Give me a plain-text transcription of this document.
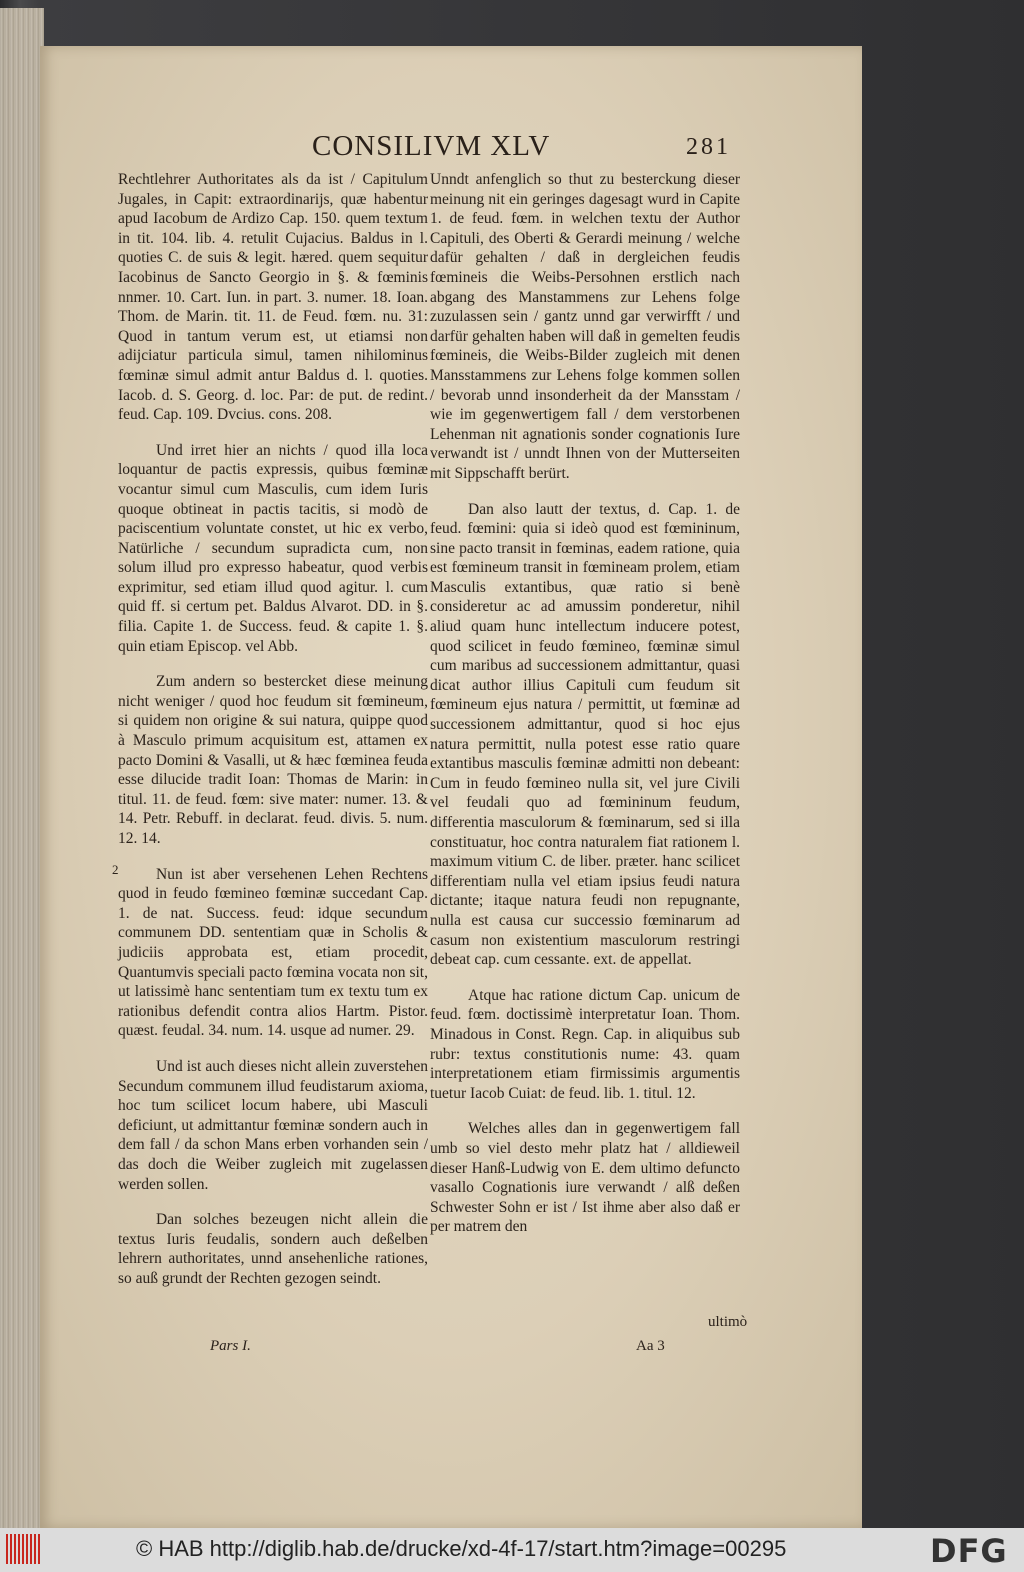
CONSILIVM XLV	281

Rechtlehrer Authoritates als da ist / Capitulum Jugales, in Capit: extraordinarijs, quæ habentur apud Iacobum de Ardizo Cap. 150. quem textum in tit. 104. lib. 4. retulit Cujacius. Baldus in l. quoties C. de suis & legit. hæred. quem sequitur Iacobinus de Sancto Georgio in §. & fœminis nnmer. 10. Cart. Iun. in part. 3. numer. 18. Ioan. Thom. de Marin. tit. 11. de Feud. fœm. nu. 31: Quod in tantum verum est, ut etiamsi non adijciatur particula simul, tamen nihilominus fœminæ simul admit antur Baldus d. l. quoties. Iacob. d. S. Georg. d. loc. Par: de put. de redint. feud. Cap. 109. Dvcius. cons. 208.

Und irret hier an nichts / quod illa loca loquantur de pactis expressis, quibus fœminæ vocantur simul cum Masculis, cum idem Iuris quoque obtineat in pactis tacitis, si modò de paciscentium voluntate constet, ut hic ex verbo, Natürliche / secundum supradicta cum, non solum illud pro expresso habeatur, quod verbis exprimitur, sed etiam illud quod agitur. l. cum quid ff. si certum pet. Baldus Alvarot. DD. in §. filia. Capite 1. de Success. feud. & capite 1. §. quin etiam Episcop. vel Abb.

Zum andern so bestercket diese meinung nicht weniger / quod hoc feudum sit fœmineum, si quidem non origine & sui natura, quippe quod à Masculo primum acquisitum est, attamen ex pacto Domini & Vasalli, ut & hæc fœminea feuda esse dilucide tradit Ioan: Thomas de Marin: in titul. 11. de feud. fœm: sive mater: numer. 13. & 14. Petr. Rebuff. in declarat. feud. divis. 5. num. 12. 14.

Nun ist aber versehenen Lehen Rechtens quod in feudo fœmineo fœminæ succedant Cap. 1. de nat. Success. feud: idque secundum communem DD. sententiam quæ in Scholis & judiciis approbata est, etiam procedit, Quantumvis speciali pacto fœmina vocata non sit, ut latissimè hanc sententiam tum ex textu tum ex rationibus defendit contra alios Hartm. Pistor. quæst. feudal. 34. num. 14. usque ad numer. 29.

Und ist auch dieses nicht allein zuverstehen Secundum communem illud feudistarum axioma, hoc tum scilicet locum habere, ubi Masculi deficiunt, ut admittantur fœminæ sondern auch in dem fall / da schon Mans erben vorhanden sein / das doch die Weiber zugleich mit zugelassen werden sollen.

Dan solches bezeugen nicht allein die textus Iuris feudalis, sondern auch deßelben lehrern authoritates, unnd ansehenliche rationes, so auß grundt der Rechten gezogen seindt.

Unndt anfenglich so thut zu besterckung dieser meinung nit ein geringes dagesagt wurd in Capite 1. de feud. fœm. in welchen textu der Author Capituli, des Oberti & Gerardi meinung / welche dafür gehalten / daß in dergleichen feudis fœmineis die Weibs-Persohnen erstlich nach abgang des Manstammens zur Lehens folge zuzulassen sein / gantz unnd gar verwirfft / und darfür gehalten haben will daß in gemelten feudis fœmineis, die Weibs-Bilder zugleich mit denen Mansstammens zur Lehens folge kommen sollen / bevorab unnd insonderheit da der Mansstam / wie im gegenwertigem fall / dem verstorbenen Lehenman nit agnationis sonder cognationis Iure verwandt ist / unndt Ihnen von der Mutterseiten mit Sippschafft berürt.

Dan also lautt der textus, d. Cap. 1. de feud. fœmini: quia si ideò quod est fœmininum, sine pacto transit in fœminas, eadem ratione, quia est fœmineum transit in fœmineam prolem, etiam Masculis extantibus, quæ ratio si benè consideretur ac ad amussim ponderetur, nihil aliud quam hunc intellectum inducere potest, quod scilicet in feudo fœmineo, fœminæ simul cum maribus ad successionem admittantur, quasi dicat author illius Capituli cum feudum sit fœmineum ejus natura / permittit, ut fœminæ ad successionem admittantur, quod si hoc ejus natura permittit, nulla potest esse ratio quare extantibus masculis fœminæ admitti non debeant: Cum in feudo fœmineo nulla sit, vel jure Civili vel feudali quo ad fœmininum feudum, differentia masculorum & fœminarum, sed si illa constituatur, hoc contra naturalem fiat rationem l. maximum vitium C. de liber. præter. hanc scilicet differentiam nulla vel etiam ipsius feudi natura dictante; itaque natura feudi non repugnante, nulla est causa cur successio fœminarum ad casum non existentium masculorum restringi debeat cap. cum cessante. ext. de appellat.

Atque hac ratione dictum Cap. unicum de feud. fœm. doctissimè interpretatur Ioan. Thom. Minadous in Const. Regn. Cap. in aliquibus sub rubr: textus constitutionis nume: 43. quam interpretationem etiam firmissimis argumentis tuetur Iacob Cuiat: de feud. lib. 1. titul. 12.

Welches alles dan in gegenwertigem fall umb so viel desto mehr platz hat / alldieweil dieser Hanß-Ludwig von E. dem ultimo defuncto vasallo Cognationis iure verwandt / alß deßen Schwester Sohn er ist / Ist ihme aber also daß er per matrem den

2
Pars I.
ultimò
Aa 3
© HAB http://diglib.hab.de/drucke/xd-4f-17/start.htm?image=00295	DFG
